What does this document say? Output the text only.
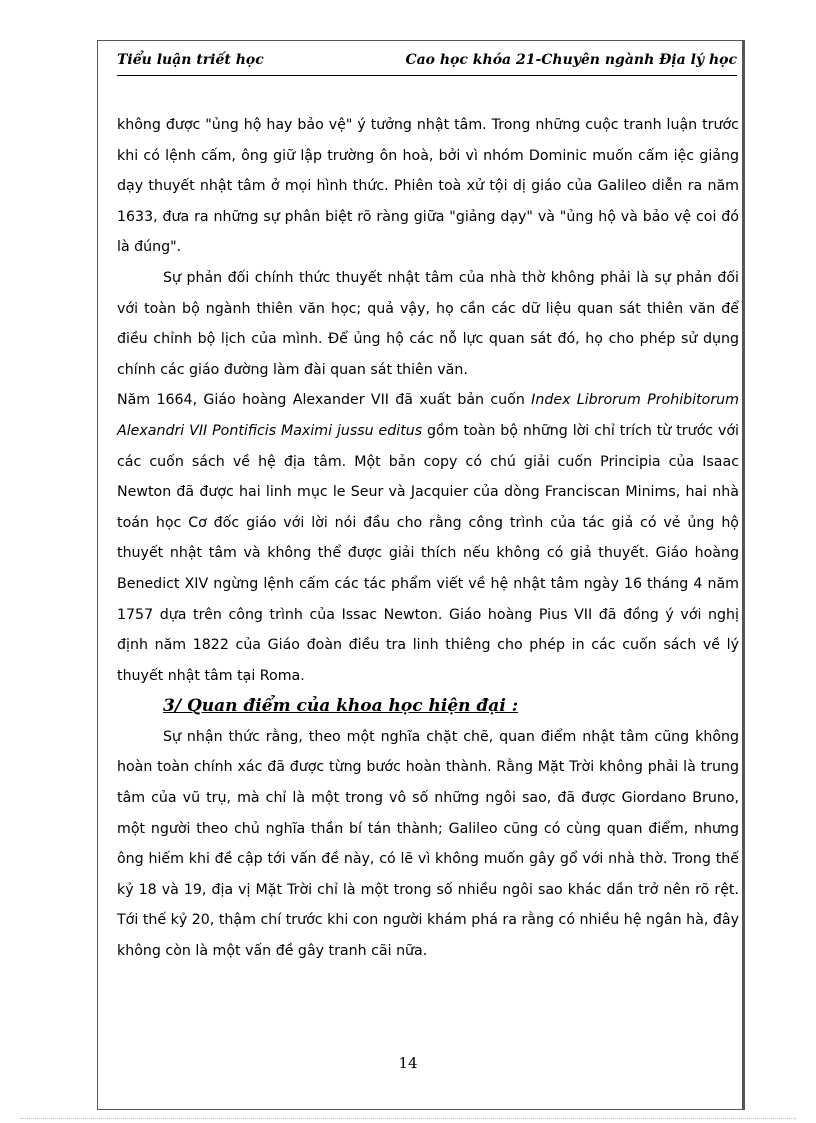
Tiểu luận triết học	Cao học khóa 21-Chuyên ngành Địa lý học

không được "ủng hộ hay bảo vệ" ý tưởng nhật tâm. Trong những cuộc tranh luận trước khi có lệnh cấm, ông giữ lập trường ôn hoà, bởi vì nhóm Dominic muốn cấm iệc giảng dạy thuyết nhật tâm ở mọi hình thức. Phiên toà xử tội dị giáo của Galileo diễn ra năm 1633, đưa ra những sự phân biệt rõ ràng giữa "giảng dạy" và "ủng hộ và bảo vệ coi đó là đúng".

Sự phản đối chính thức thuyết nhật tâm của nhà thờ không phải là sự phản đối với toàn bộ ngành thiên văn học; quả vậy, họ cần các dữ liệu quan sát thiên văn để điều chỉnh bộ lịch của mình. Để ủng hộ các nỗ lực quan sát đó, họ cho phép sử dụng chính các giáo đường làm đài quan sát thiên văn.

Năm 1664, Giáo hoàng Alexander VII đã xuất bản cuốn Index Librorum Prohibitorum Alexandri VII Pontificis Maximi jussu editus gồm toàn bộ những lời chỉ trích từ trước với các cuốn sách về hệ địa tâm. Một bản copy có chú giải cuốn Principia của Isaac Newton đã được hai linh mục le Seur và Jacquier của dòng Franciscan Minims, hai nhà toán học Cơ đốc giáo với lời nói đầu cho rằng công trình của tác giả có vẻ ủng hộ thuyết nhật tâm và không thể được giải thích nếu không có giả thuyết. Giáo hoàng Benedict XIV ngừng lệnh cấm các tác phẩm viết về hệ nhật tâm ngày 16 tháng 4 năm 1757 dựa trên công trình của Issac Newton. Giáo hoàng Pius VII đã đồng ý với nghị định năm 1822 của Giáo đoàn điều tra linh thiêng cho phép in các cuốn sách về lý thuyết nhật tâm tại Roma.

3/ Quan điểm của khoa học hiện đại :

Sự nhận thức rằng, theo một nghĩa chặt chẽ, quan điểm nhật tâm cũng không hoàn toàn chính xác đã được từng bước hoàn thành. Rằng Mặt Trời không phải là trung tâm của vũ trụ, mà chỉ là một trong vô số những ngôi sao, đã được Giordano Bruno, một người theo chủ nghĩa thần bí tán thành; Galileo cũng có cùng quan điểm, nhưng ông hiếm khi đề cập tới vấn đề này, có lẽ vì không muốn gây gổ với nhà thờ. Trong thế kỷ 18 và 19, địa vị Mặt Trời chỉ là một trong số nhiều ngôi sao khác dần trở nên rõ rệt. Tới thế kỷ 20, thậm chí trước khi con người khám phá ra rằng có nhiều hệ ngân hà, đây không còn là một vấn đề gây tranh cãi nữa.

14
